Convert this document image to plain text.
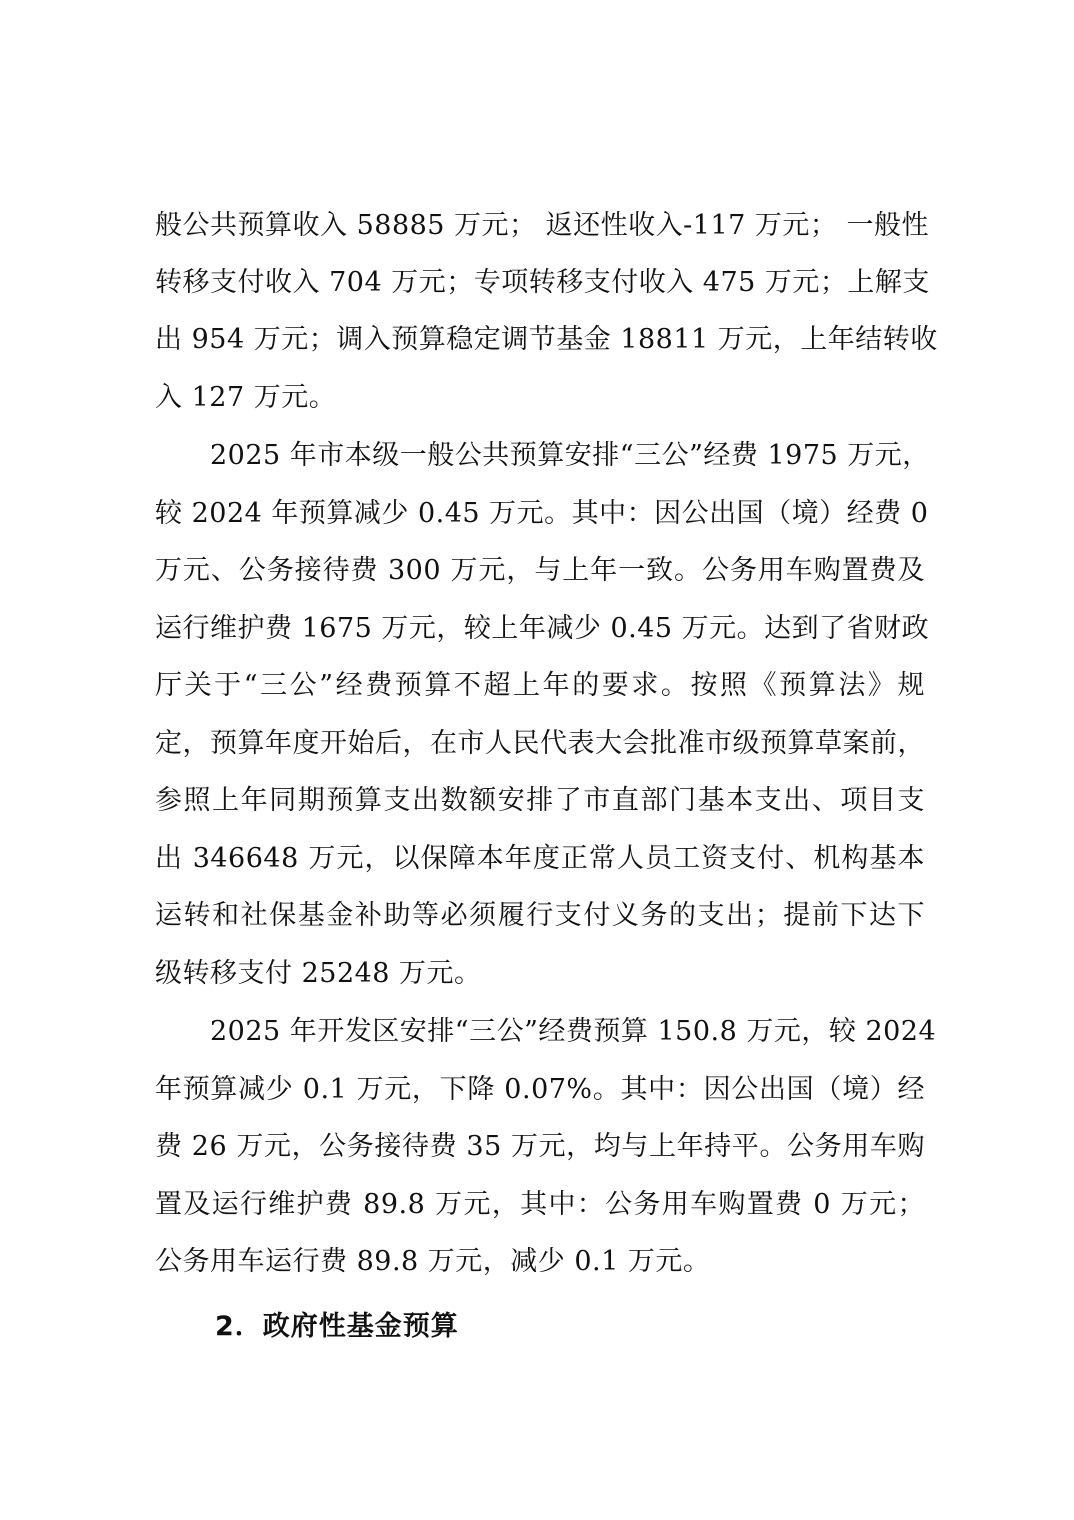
般公共预算收入 58885 万元； 返还性收入-117 万元； 一般性
转移支付收入 704 万元；专项转移支付收入 475 万元；上解支
出 954 万元；调入预算稳定调节基金 18811 万元，上年结转收
入 127 万元。
2025 年市本级一般公共预算安排“三公”经费 1975 万元，
较 2024 年预算减少 0.45 万元。其中：因公出国（境）经费 0
万元、公务接待费 300 万元，与上年一致。公务用车购置费及
运行维护费 1675 万元，较上年减少 0.45 万元。达到了省财政
厅关于“三公”经费预算不超上年的要求。按照《预算法》规
定，预算年度开始后，在市人民代表大会批准市级预算草案前，
参照上年同期预算支出数额安排了市直部门基本支出、项目支
出 346648 万元，以保障本年度正常人员工资支付、机构基本
运转和社保基金补助等必须履行支付义务的支出；提前下达下
级转移支付 25248 万元。
2025 年开发区安排“三公”经费预算 150.8 万元，较 2024
年预算减少 0.1 万元，下降 0.07%。其中：因公出国（境）经
费 26 万元，公务接待费 35 万元，均与上年持平。公务用车购
置及运行维护费 89.8 万元，其中：公务用车购置费 0 万元；
公务用车运行费 89.8 万元，减少 0.1 万元。
2．政府性基金预算
